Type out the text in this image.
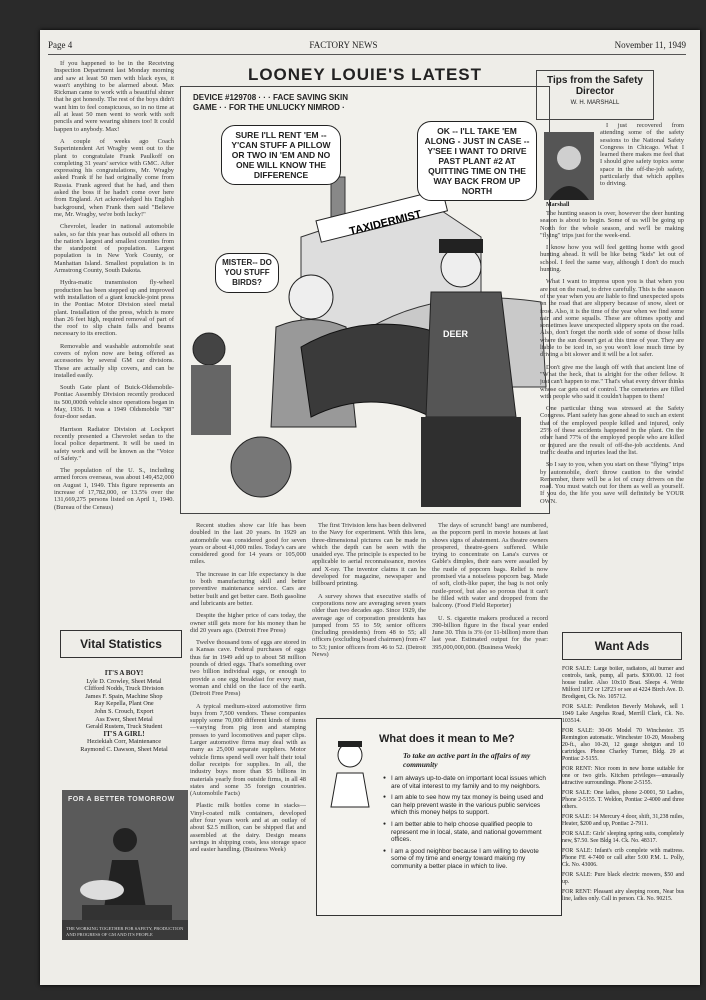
Page 4	FACTORY NEWS	November 11, 1949

If you happened to be in the Receiving Inspection Department last Monday morning and saw at least 50 men with black eyes, it wasn't anything to be alarmed about. Max Rickman came to work with a beautiful shiner that he got honestly. The rest of the boys didn't want him to feel conspicuous, so in no time at all at least 50 men went to work with soft pencils and were wearing shiners too! It could happen to anybody. Max!

A couple of weeks ago Coach Superintendent Art Wragby went out to the plant to congratulate Frank Paulkoff on completing 31 years' service with GMC. After expressing his congratulations, Mr. Wragby asked Frank if he had originally come from Russia. Frank agreed that he had, and then asked the boss if he hadn't come over here from England. Art acknowledged his English background, when Frank then said "Believe me, Mr. Wragby, we're both lucky!"

Chevrolet, leader in national automobile sales, so far this year has outsold all others in the nation's largest and smallest counties from the standpoint of population. Largest population is in New York County, or Manhattan Island. Smallest population is in Armstrong County, South Dakota.

Hydra-matic transmission fly-wheel production has been stepped up and improved with installation of a giant knuckle-joint press in the Pontiac Motor Division steel metal plant. Installation of the press, which is more than 26 feet high, required removal of part of the roof to slip chain falls and beams necessary to its erection.

Removable and washable automobile seat covers of nylon now are being offered as accessories by several GM car divisions. These are actually slip covers, and can be installed easily.

South Gate plant of Buick-Oldsmobile-Pontiac Assembly Division recently produced its 500,000th vehicle since operations began in May, 1936. It was a 1949 Oldsmobile "98" four-door sedan.

Harrison Radiator Division at Lockport recently presented a Chevrolet sedan to the local police department. It will be used in safety work and will be known as the "Voice of Safety."

The population of the U. S., including armed forces overseas, was about 149,452,000 on August 1, 1949. This figure represents an increase of 17,782,000, or 13.5% over the 131,669,275 persons listed on April 1, 1940. (Bureau of the Census)

LOONEY LOUIE'S LATEST
TAXIDERMIST
DEER
DEVICE #129708 · · · FACE SAVING SKIN GAME · · FOR THE UNLUCKY NIMROD ·
SURE I'LL RENT 'EM -- Y'CAN STUFF A PILLOW OR TWO IN 'EM AND NO ONE WILL KNOW THE DIFFERENCE
OK -- I'LL TAKE 'EM ALONG - JUST IN CASE -- Y'SEE I WANT TO DRIVE PAST PLANT #2 AT QUITTING TIME ON THE WAY BACK FROM UP NORTH
MISTER-- DO YOU STUFF BIRDS?
Tips from the Safety Director
W. H. MARSHALL
Marshall

I just recovered from attending some of the safety sessions to the National Safety Congress in Chicago. What I learned there makes me feel that I should give safety topics some space in the off-the-job safety, particularly that which applies to driving.

The hunting season is over, however the deer hunting season is about to begin. Some of us will be going up North for the whole season, and we'll be making "flying" trips just for the week-end.

I know how you will feel getting home with good hunting ahead. It will be like being "kids" let out of school. I feel the same way, although I don't do much hunting.

What I want to impress upon you is that when you are out on the road, to drive carefully. This is the season of the year when you are liable to find unexpected spots on the road that are slippery because of snow, sleet or frost. Also, it is the time of the year when we find some rain and some squalls. These are oftimes spotty and sometimes leave unexpected slippery spots on the road. Also, don't forget the north side of some of those hills where the sun doesn't get at this time of year. They are liable to be iced in, so you won't lose much time by driving a bit slower and it will be a lot safer.

Don't give me the laugh off with that ancient line of "What the heck, that is alright for the other fellow. It just can't happen to me." That's what every driver thinks whose car gets out of control. The cemeteries are filled with people who said it couldn't happen to them!

One particular thing was stressed at the Safety Congress. Plant safety has gone ahead to such an extent that of the employed people killed and injured, only 25% of these accidents happened in the plant. On the other hand 77% of the employed people who are killed or injured are the result of off-the-job accidents. And traffic deaths and injuries lead the list.

So I say to you, when you start on these "flying" trips by automobile, don't throw caution to the winds! Remember, there will be a lot of crazy drivers on the road. You must watch out for them as well as yourself. If you do, the life you save will definitely be YOUR OWN.

Vital Statistics
IT'S A BOY!
Lyle D. Crowley, Sheet Metal
Clifford Nodds, Truck Division
James F. Spain, Machine Shop
Ray Kepella, Plant One
John S. Crouch, Export
Ass Ewer, Sheet Metal
Gerald Rustem, Truck Student
IT'S A GIRL!
Heziekiah Corr, Maintenance
Raymond C. Dawson, Sheet Metal
FOR A BETTER TOMORROW
THE WORKING TOGETHER FOR SAFETY, PRODUCTION AND PROGRESS OF GM AND ITS PEOPLE

Recent studies show car life has been doubled in the last 20 years. In 1929 an automobile was considered good for seven years or about 41,000 miles. Today's cars are considered good for 14 years or 105,000 miles.

The increase in car life expectancy is due to both manufacturing skill and better preventive maintenance service. Cars are better built and get better care. Both gasoline and lubricants are better.

Despite the higher price of cars today, the owner still gets more for his money than he did 20 years ago. (Detroit Free Press)

Twelve thousand tons of eggs are stored in a Kansas cave. Federal purchases of eggs thus far in 1949 add up to about 58 million pounds of dried eggs. That's something over two billion individual eggs, or enough to provide a one egg breakfast for every man, woman and child on the face of the earth. (Detroit Free Press)

A typical medium-sized automotive firm buys from 7,500 vendors. These companies supply some 70,000 different kinds of items—varying from pig iron and stamping presses to yard locomotives and paper clips. Larger automotive firms may deal with as many as 25,000 separate suppliers. Motor vehicle firms spend well over half their total dollar receipts for supplies. In all, the industry buys more than $5 billions in materials yearly from outside firms, in all 48 states and some 35 foreign countries. (Automobile Facts)

Plastic milk bottles come in stacks—Vinyl-coated milk containers, developed after four years work and at an outlay of about $2.5 million, can be shipped flat and assembled at the dairy. Design means savings in shipping costs, less storage space and easier handling. (Business Week)

The first Trivision lens has been delivered to the Navy for experiment. With this lens, three-dimensional pictures can be made in which the depth can be seen with the unaided eye. The principle is expected to be applicable to aerial reconnaissance, movies and X-ray. The inventor claims it can be developed for magazine, newspaper and billboard printing.

A survey shows that executive staffs of corporations now are averaging seven years older than two decades ago. Since 1929, the average age of corporation presidents has jumped from 55 to 59; senior officers (including presidents) from 48 to 55; all officers (excluding board chairmen) from 47 to 53; junior officers from 46 to 52. (Detroit News)

The days of scrunch! bang! are numbered, as the popcorn peril in movie houses at last shows signs of abatement. As theatre owners prospered, theatre-goers suffered. While trying to concentrate on Lana's curves or Gable's dimples, their ears were assailed by the rustle of popcorn bags. Relief is now promised via a noiseless popcorn bag. Made of soft, cloth-like paper, the bag is not only rustle-proof, but also so porous that it can't be filled with water and dropped from the balcony. (Food Field Reporter)

U. S. cigarette makers produced a record 390-billion figure in the fiscal year ended June 30. This is 3% (or 11-billion) more than last year. Estimated output for the year: 395,000,000,000. (Business Week)

What does it mean to Me?
To take an active part in the affairs of my community
● I am always up-to-date on important local issues which are of vital interest to my family and to my neighbors.
● I am able to see how my tax money is being used and can help prevent waste in the various public services which this money helps to support.
● I am better able to help choose qualified people to represent me in local, state, and national government offices.
● I am a good neighbor because I am willing to devote some of my time and energy toward making my community a better place in which to live.
Want Ads

FOR SALE: Large boiler, radiators, all burner and controls, tank, pump, all parts. $300.00. 12 foot house trailer. Also 10x10 Boat. Sleeps 4. Write Milford 11F2 or 12F23 or see at 4224 Birch Ave. D. Brodigent, Ck. No. 105712.

FOR SALE: Pendleton Beverly Mohawk, sell 1 1949 Lake Angelus Road, Merrill Clark, Ck. No. 103514.

FOR SALE: 30-06 Model 70 Winchester. 35 Remington automatic. Winchester 10-20, Mossberg 20-ft., also 10-20, 12 gauge shotgun and 10 cartridges. Phone Charley Turner, Bldg. 29 at Pontiac 2-5155.

FOR RENT: Nice room in new home suitable for one or two girls. Kitchen privileges—unusually attractive surroundings. Phone 2-5155.

FOR SALE: One ladies, phone 2-0001, 50 Ladies, Phone 2-5155. T. Weldon, Pontiac 2-4000 and three others.

FOR SALE: 14 Mercury 4 door, shift, 31,238 miles, Heater, $200 and up, Pontiac 2-7911.

FOR SALE: Girls' sleeping spring suits, completely new, $7.50. See Bldg 14. Ck. No. 48317.

FOR SALE: Infant's crib complete with mattress. Phone FE 4-7400 or call after 5:00 P.M. L. Polly, Ck. No. 43006.

FOR SALE: Pure black electric mowers, $50 and up.

FOR RENT: Pleasant airy sleeping room, Near bus line, ladies only. Call in person. Ck. No. 90215.
